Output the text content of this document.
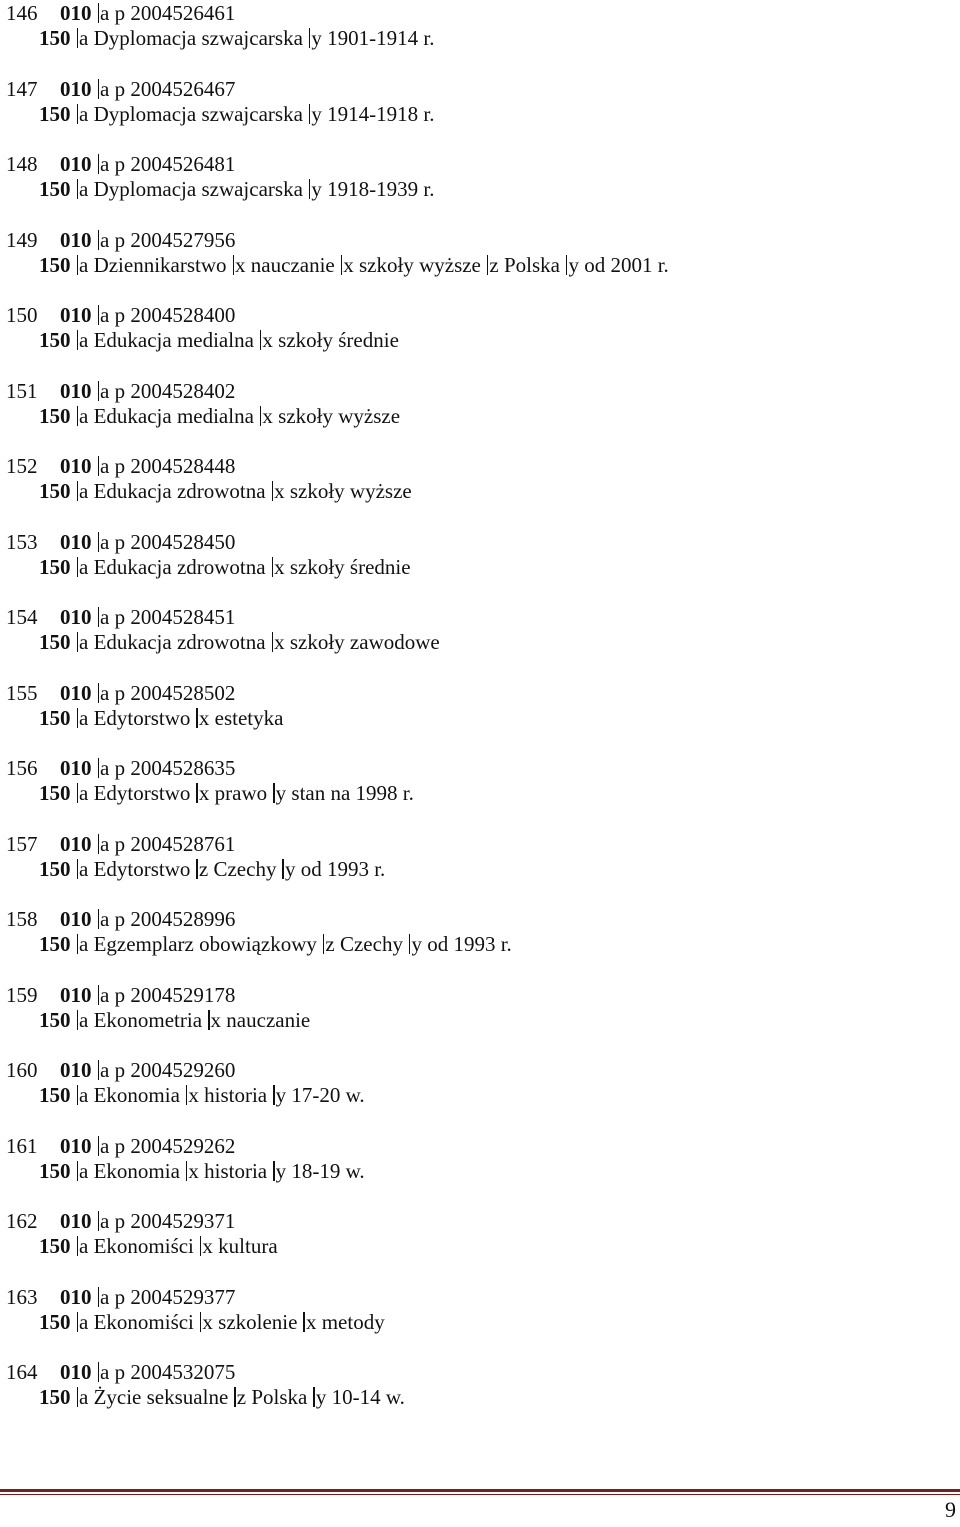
146 010 a p 2004526461
150 a Dyplomacja szwajcarska y 1901-1914 r.
147 010 a p 2004526467
150 a Dyplomacja szwajcarska y 1914-1918 r.
148 010 a p 2004526481
150 a Dyplomacja szwajcarska y 1918-1939 r.
149 010 a p 2004527956
150 a Dziennikarstwo x nauczanie x szkoły wyższe z Polska y od 2001 r.
150 010 a p 2004528400
150 a Edukacja medialna x szkoły średnie
151 010 a p 2004528402
150 a Edukacja medialna x szkoły wyższe
152 010 a p 2004528448
150 a Edukacja zdrowotna x szkoły wyższe
153 010 a p 2004528450
150 a Edukacja zdrowotna x szkoły średnie
154 010 a p 2004528451
150 a Edukacja zdrowotna x szkoły zawodowe
155 010 a p 2004528502
150 a Edytorstwo x estetyka
156 010 a p 2004528635
150 a Edytorstwo x prawo y stan na 1998 r.
157 010 a p 2004528761
150 a Edytorstwo z Czechy y od 1993 r.
158 010 a p 2004528996
150 a Egzemplarz obowiązkowy z Czechy y od 1993 r.
159 010 a p 2004529178
150 a Ekonometria x nauczanie
160 010 a p 2004529260
150 a Ekonomia x historia y 17-20 w.
161 010 a p 2004529262
150 a Ekonomia x historia y 18-19 w.
162 010 a p 2004529371
150 a Ekonomiści x kultura
163 010 a p 2004529377
150 a Ekonomiści x szkolenie x metody
164 010 a p 2004532075
150 a Życie seksualne z Polska y 10-14 w.
9
